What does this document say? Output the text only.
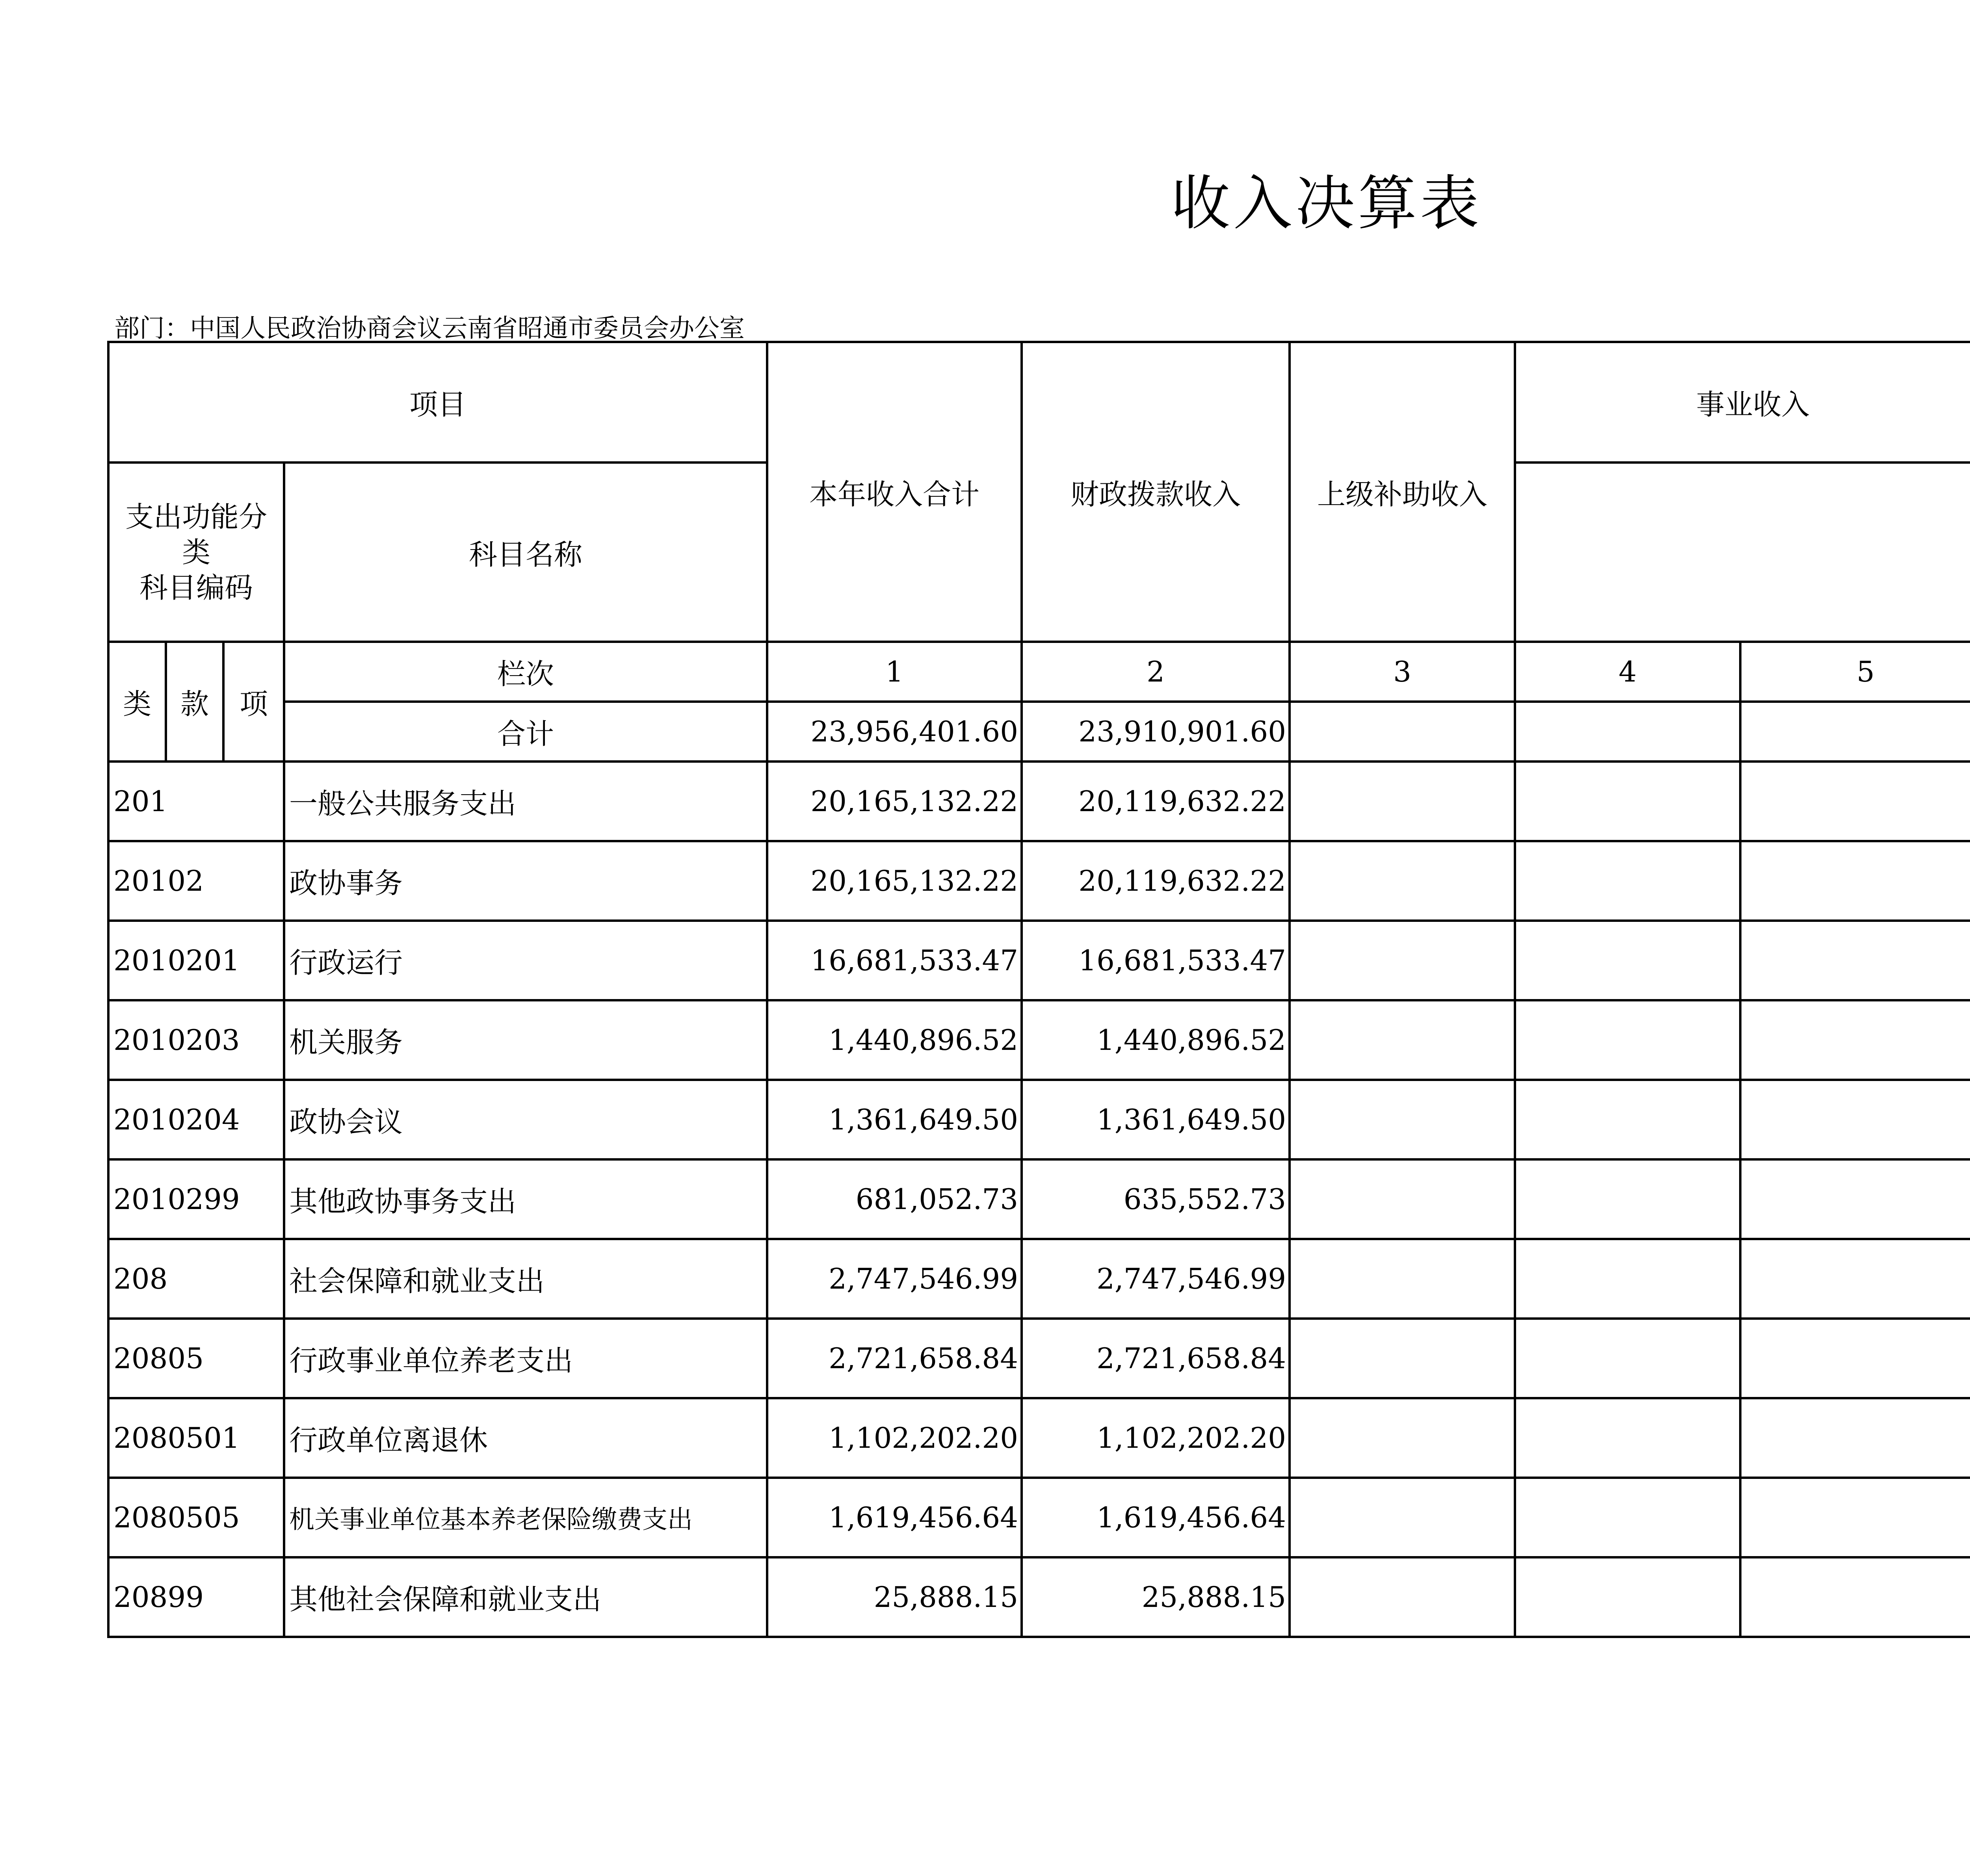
收入决算表
部门：中国人民政治协商会议云南省昭通市委员会办公室
项目				本年收入合计	财政拨款收入	上级补助收入	事业收入			
支出功能分类
科目编码			科目名称								
类	款	项	栏次	1	2	3	4	5			
			合计	23,956,401.60	23,910,901.60						
201			一般公共服务支出	20,165,132.22	20,119,632.22						
20102			政协事务	20,165,132.22	20,119,632.22						
2010201			行政运行	16,681,533.47	16,681,533.47						
2010203			机关服务	1,440,896.52	1,440,896.52						
2010204			政协会议	1,361,649.50	1,361,649.50						
2010299			其他政协事务支出	681,052.73	635,552.73						
208			社会保障和就业支出	2,747,546.99	2,747,546.99						
20805			行政事业单位养老支出	2,721,658.84	2,721,658.84						
2080501			行政单位离退休	1,102,202.20	1,102,202.20						
2080505			机关事业单位基本养老保险缴费支出	1,619,456.64	1,619,456.64						
20899			其他社会保障和就业支出	25,888.15	25,888.15						
